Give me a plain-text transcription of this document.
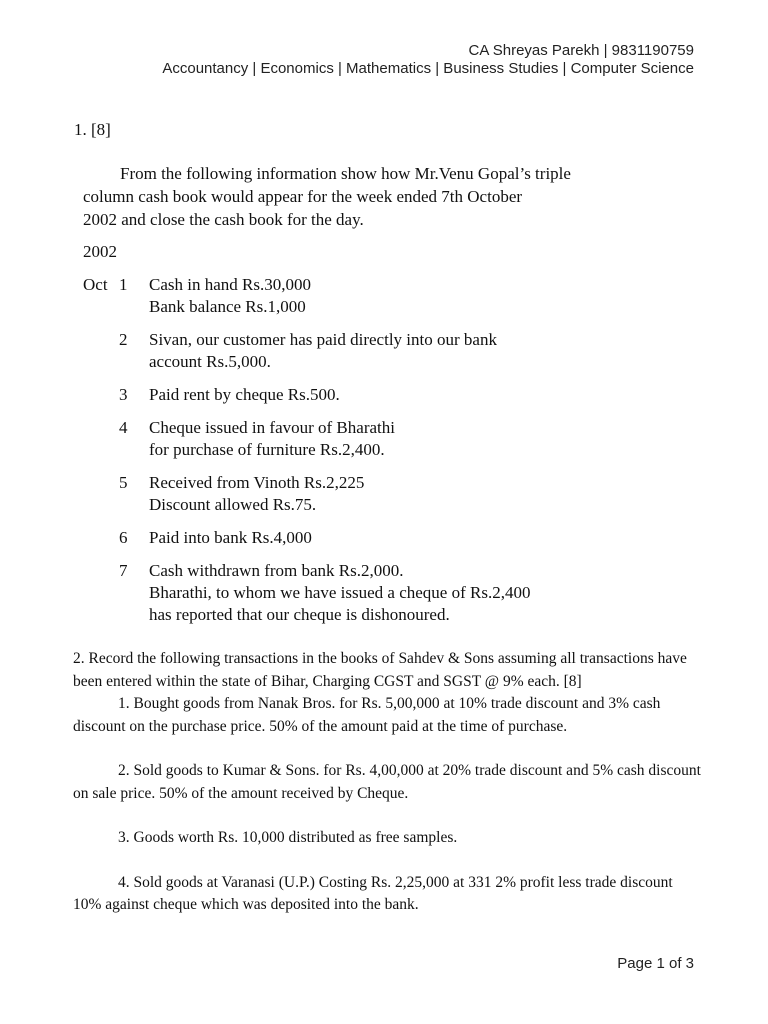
CA Shreyas Parekh | 9831190759
Accountancy | Economics | Mathematics | Business Studies | Computer Science
1. [8]
From the following information show how Mr.Venu Gopal’s triple
column cash book would appear for the week ended 7th October
2002 and close the cash book for the day.
2002
Oct 1	Cash in hand Rs.30,000
Bank balance Rs.1,000
2	Sivan, our customer has paid directly into our bank
account Rs.5,000.
3	Paid rent by cheque Rs.500.
4	Cheque issued in favour of Bharathi
for purchase of furniture Rs.2,400.
5	Received from Vinoth Rs.2,225
Discount allowed Rs.75.
6	Paid into bank Rs.4,000
7	Cash withdrawn from bank Rs.2,000.
Bharathi, to whom we have issued a cheque of Rs.2,400
has reported that our cheque is dishonoured.

2. Record the following transactions in the books of Sahdev & Sons assuming all transactions have been entered within the state of Bihar, Charging CGST and SGST @ 9% each. [8]

1. Bought goods from Nanak Bros. for Rs. 5,00,000 at 10% trade discount and 3% cash discount on the purchase price. 50% of the amount paid at the time of purchase.

2. Sold goods to Kumar & Sons. for Rs. 4,00,000 at 20% trade discount and 5% cash discount on sale price. 50% of the amount received by Cheque.

3. Goods worth Rs. 10,000 distributed as free samples.

4. Sold goods at Varanasi (U.P.) Costing Rs. 2,25,000 at 331 2% profit less trade discount 10% against cheque which was deposited into the bank.

Page 1 of 3
